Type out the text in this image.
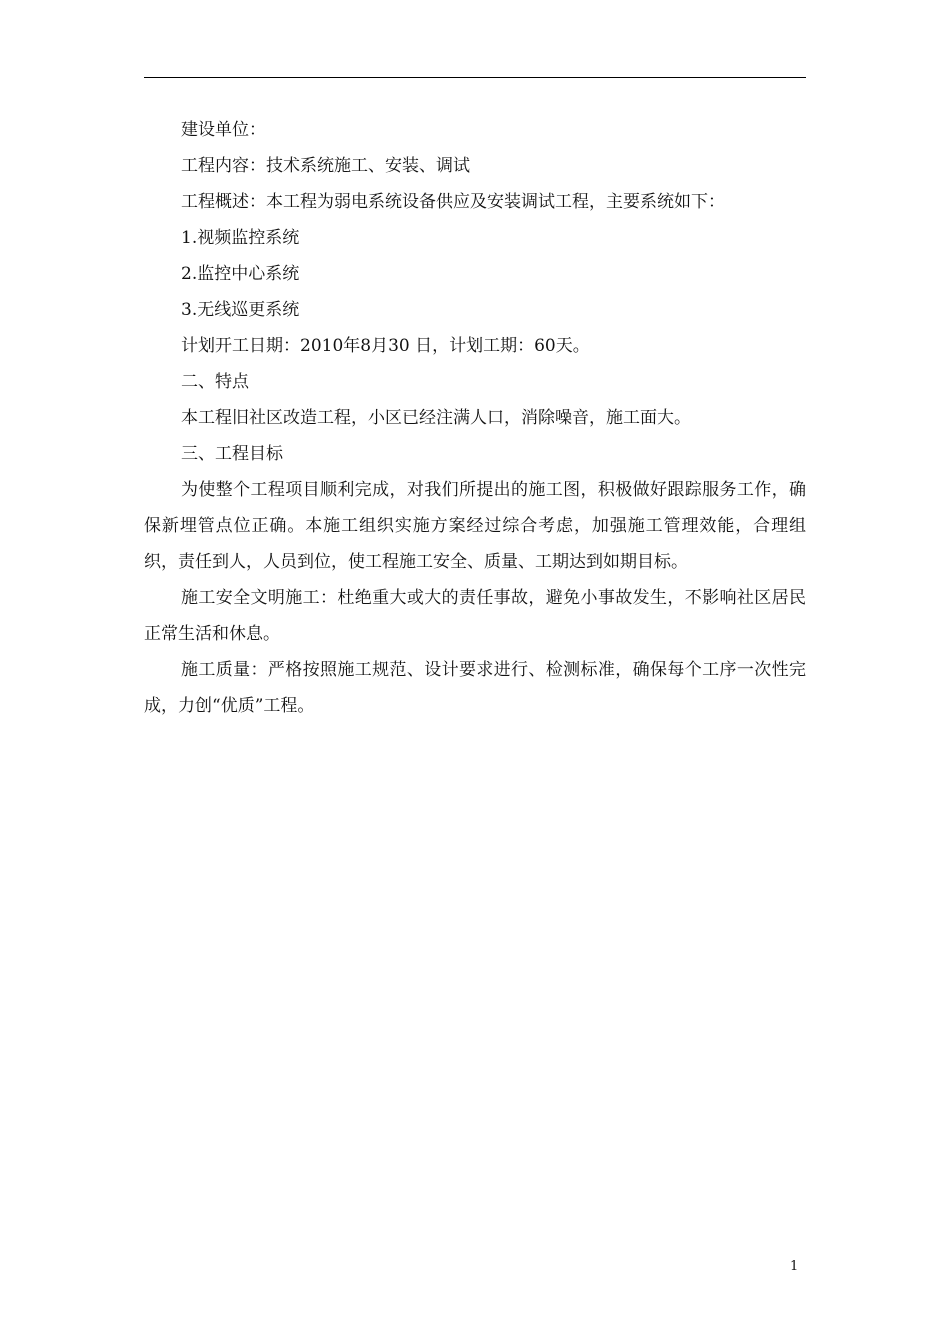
建设单位：
工程内容：技术系统施工、安装、调试
工程概述：本工程为弱电系统设备供应及安装调试工程，主要系统如下：
1.视频监控系统
2.监控中心系统
3.无线巡更系统
计划开工日期：2010年8月30 日，计划工期：60天。
二、特点
本工程旧社区改造工程，小区已经注满人口，消除噪音，施工面大。
三、工程目标

为使整个工程项目顺利完成，对我们所提出的施工图，积极做好跟踪服务工作，确保新埋管点位正确。本施工组织实施方案经过综合考虑，加强施工管理效能，合理组织，责任到人，人员到位，使工程施工安全、质量、工期达到如期目标。

施工安全文明施工：杜绝重大或大的责任事故，避免小事故发生，不影响社区居民正常生活和休息。

施工质量：严格按照施工规范、设计要求进行、检测标准，确保每个工序一次性完成，力创“优质”工程。

1
